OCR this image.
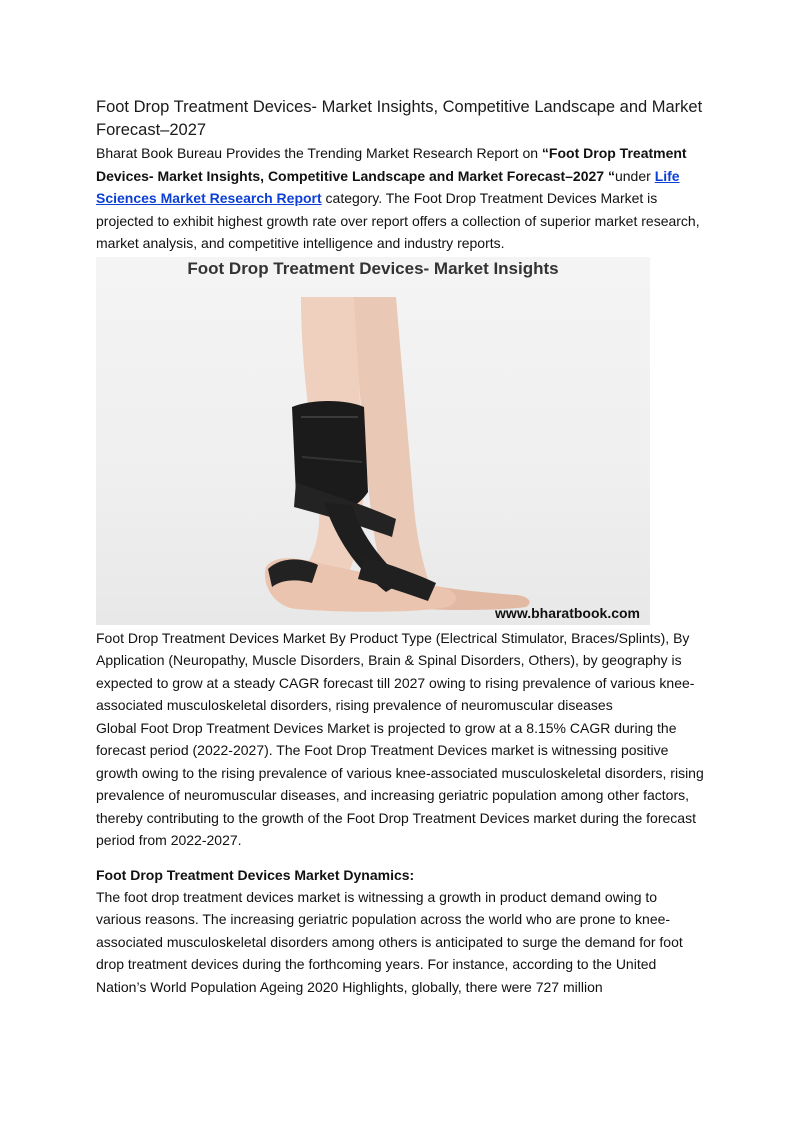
Foot Drop Treatment Devices- Market Insights, Competitive Landscape and Market Forecast–2027

Bharat Book Bureau Provides the Trending Market Research Report on “Foot Drop Treatment Devices- Market Insights, Competitive Landscape and Market Forecast–2027 “under Life Sciences Market Research Report category. The Foot Drop Treatment Devices Market is projected to exhibit highest growth rate over report offers a collection of superior market research, market analysis, and competitive intelligence and industry reports.

Foot Drop Treatment Devices- Market Insights
www.bharatbook.com

Foot Drop Treatment Devices Market By Product Type (Electrical Stimulator, Braces/Splints), By Application (Neuropathy, Muscle Disorders, Brain & Spinal Disorders, Others), by geography is expected to grow at a steady CAGR forecast till 2027 owing to rising prevalence of various knee-associated musculoskeletal disorders, rising prevalence of neuromuscular diseases

Global Foot Drop Treatment Devices Market is projected to grow at a 8.15% CAGR during the forecast period (2022-2027). The Foot Drop Treatment Devices market is witnessing positive growth owing to the rising prevalence of various knee-associated musculoskeletal disorders, rising prevalence of neuromuscular diseases, and increasing geriatric population among other factors, thereby contributing to the growth of the Foot Drop Treatment Devices market during the forecast period from 2022-2027.

Foot Drop Treatment Devices Market Dynamics:

The foot drop treatment devices market is witnessing a growth in product demand owing to various reasons. The increasing geriatric population across the world who are prone to knee-associated musculoskeletal disorders among others is anticipated to surge the demand for foot drop treatment devices during the forthcoming years. For instance, according to the United Nation’s World Population Ageing 2020 Highlights, globally, there were 727 million
